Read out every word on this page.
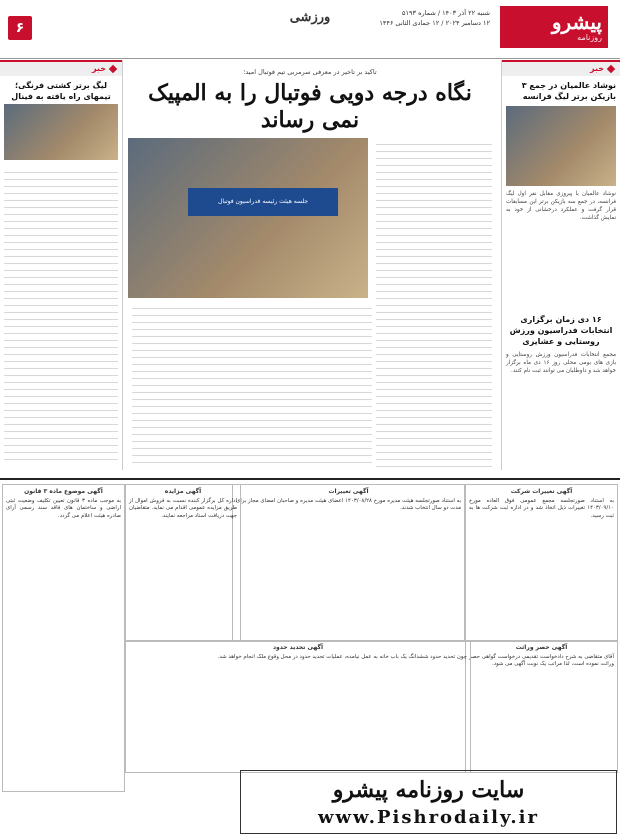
پیشرو
روزنامه
شنبه ۲۲ آذر ۱۴۰۳ / شماره ۵۱۹۳
۱۲ دسامبر ۲۰۲۴ / ۱۲ جمادی الثانی ۱۴۴۶
ورزشی
۶
خبر
نوشاد عالمیان در جمع ۳ بازیکن برتر لیگ فرانسه
نوشاد عالمیان با پیروزی مقابل نفر اول لیگ فرانسه، در جمع سه بازیکن برتر این مسابقات قرار گرفت و عملکرد درخشانی از خود به نمایش گذاشت.
۱۶ دی زمان برگزاری انتخابات فدراسیون ورزش روستایی و عشایری
مجمع انتخابات فدراسیون ورزش روستایی و بازی های بومی محلی روز ۱۶ دی ماه برگزار خواهد شد و داوطلبان می توانند ثبت نام کنند.
تاکید بر تاخیر در معرفی سرمربی تیم فوتبال امید؛
نگاه درجه دویی فوتبال را به المپیک نمی رساند
جلسه هیئت رئیسه فدراسیون فوتبال
خبر
لیگ برتر کشتی فرنگی؛ تیمهای راه یافته به فینال
آگهی تغییرات شرکت
به استناد صورتجلسه مجمع عمومی فوق العاده مورخ ۱۴۰۳/۰۹/۱۰ تغییرات ذیل اتخاذ شد و در اداره ثبت شرکت ها به ثبت رسید.
آگهی تغییرات
به استناد صورتجلسه هیئت مدیره مورخ ۱۴۰۳/۰۸/۲۸ اعضای هیئت مدیره و صاحبان امضای مجاز برای مدت دو سال انتخاب شدند.
آگهی مزایده
اداره کل برگزار کننده نسبت به فروش اموال از طریق مزایده عمومی اقدام می نماید. متقاضیان جهت دریافت اسناد مراجعه نمایند.
آگهی موضوع ماده ۳ قانون
به موجب ماده ۳ قانون تعیین تکلیف وضعیت ثبتی اراضی و ساختمان های فاقد سند رسمی آرای صادره هیئت اعلام می گردد.
آگهی حصر وراثت
آقای متقاضی به شرح دادخواست تقدیمی درخواست گواهی حصر وراثت نموده است، لذا مراتب یک نوبت آگهی می شود.
آگهی تحدید حدود
چون تحدید حدود ششدانگ یک باب خانه به عمل نیامده، عملیات تحدید حدود در محل وقوع ملک انجام خواهد شد.
سایت روزنامه پیشرو
www.Pishrodaily.ir
